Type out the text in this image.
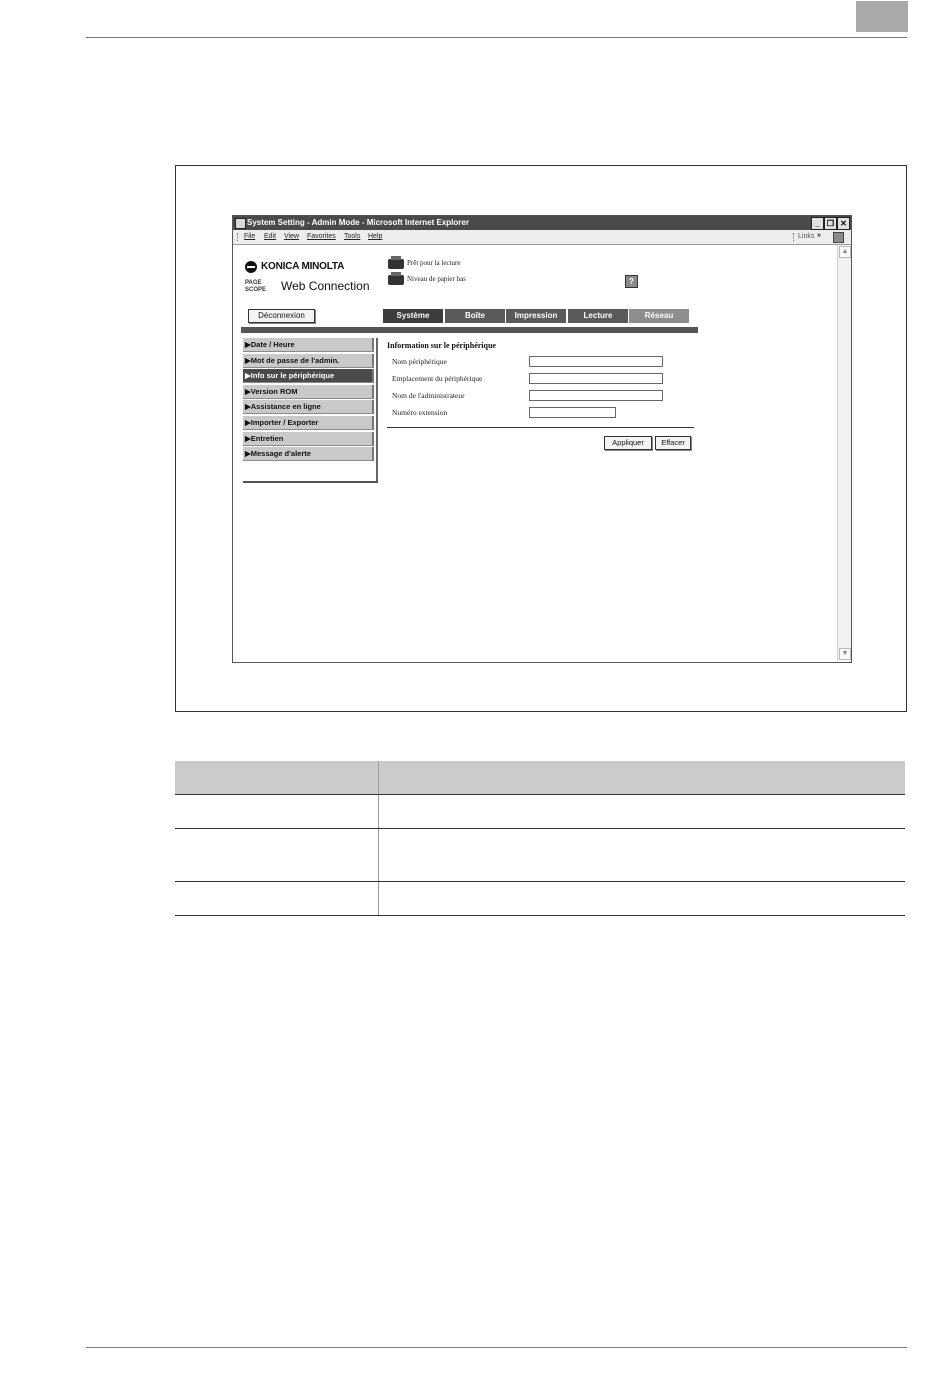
System Setting - Admin Mode - Microsoft Internet Explorer	_ ❐ ✕
File Edit View Favorites Tools Help	Links »
KONICA MINOLTA
PAGE
SCOPE	Web Connection
Prêt pour la lecture
Niveau de papier bas	?
Déconnexion	Système	Boîte	Impression	Lecture	Réseau
▶Date / Heure
▶Mot de passe de l'admin.
▶Info sur le périphérique
▶Version ROM
▶Assistance en ligne
▶Importer / Exporter
▶Entretien
▶Message d'alerte
Information sur le périphérique
Nom périphérique
Emplacement du périphérique
Nom de l'administrateur
Numéro extension
Appliquer	Effacer
▲
▼
